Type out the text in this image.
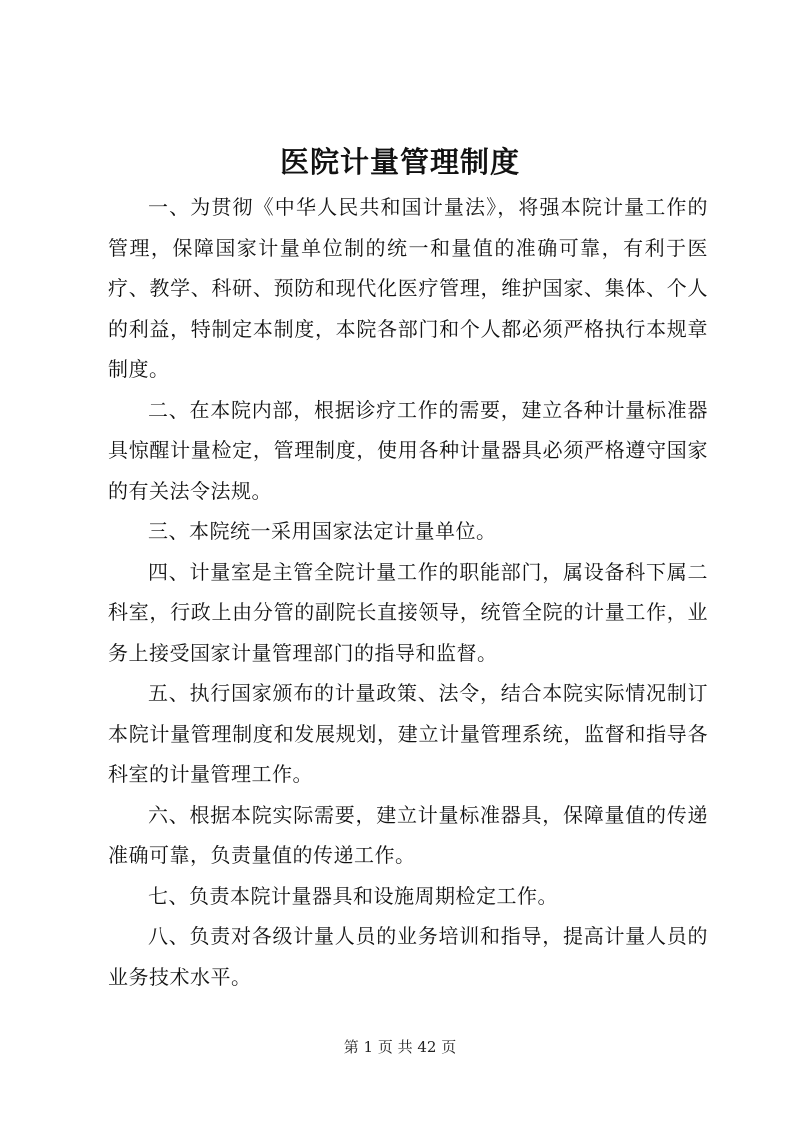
医院计量管理制度

一、为贯彻《中华人民共和国计量法》，将强本院计量工作的管理，保障国家计量单位制的统一和量值的准确可靠，有利于医疗、教学、科研、预防和现代化医疗管理，维护国家、集体、个人的利益，特制定本制度，本院各部门和个人都必须严格执行本规章制度。

二、在本院内部，根据诊疗工作的需要，建立各种计量标准器具惊醒计量检定，管理制度，使用各种计量器具必须严格遵守国家的有关法令法规。

三、本院统一采用国家法定计量单位。

四、计量室是主管全院计量工作的职能部门，属设备科下属二科室，行政上由分管的副院长直接领导，统管全院的计量工作，业务上接受国家计量管理部门的指导和监督。

五、执行国家颁布的计量政策、法令，结合本院实际情况制订本院计量管理制度和发展规划，建立计量管理系统，监督和指导各科室的计量管理工作。

六、根据本院实际需要，建立计量标准器具，保障量值的传递准确可靠，负责量值的传递工作。

七、负责本院计量器具和设施周期检定工作。

八、负责对各级计量人员的业务培训和指导，提高计量人员的业务技术水平。

第 1 页 共 42 页
